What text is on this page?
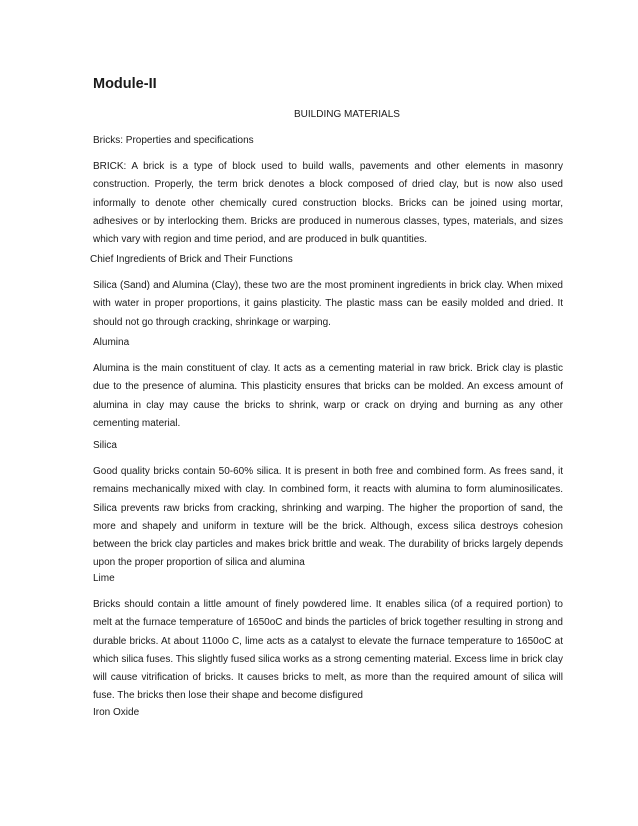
Module-II

BUILDING MATERIALS

Bricks: Properties and specifications

BRICK: A brick is a type of block used to build walls, pavements and other elements in masonry construction. Properly, the term brick denotes a block composed of dried clay, but is now also used informally to denote other chemically cured construction blocks. Bricks can be joined using mortar, adhesives or by interlocking them. Bricks are produced in numerous classes, types, materials, and sizes which vary with region and time period, and are produced in bulk quantities.

Chief Ingredients of Brick and Their Functions

Silica (Sand) and Alumina (Clay), these two are the most prominent ingredients in brick clay. When mixed with water in proper proportions, it gains plasticity. The plastic mass can be easily molded and dried. It should not go through cracking, shrinkage or warping.

Alumina

Alumina is the main constituent of clay. It acts as a cementing material in raw brick. Brick clay is plastic due to the presence of alumina. This plasticity ensures that bricks can be molded. An excess amount of alumina in clay may cause the bricks to shrink, warp or crack on drying and burning as any other cementing material.

Silica

Good quality bricks contain 50-60% silica. It is present in both free and combined form. As frees sand, it remains mechanically mixed with clay. In combined form, it reacts with alumina to form aluminosilicates. Silica prevents raw bricks from cracking, shrinking and warping. The higher the proportion of sand, the more and shapely and uniform in texture will be the brick. Although, excess silica destroys cohesion between the brick clay particles and makes brick brittle and weak. The durability of bricks largely depends upon the proper proportion of silica and alumina

Lime

Bricks should contain a little amount of finely powdered lime. It enables silica (of a required portion) to melt at the furnace temperature of 1650oC and binds the particles of brick together resulting in strong and durable bricks. At about 1100o C, lime acts as a catalyst to elevate the furnace temperature to 1650oC at which silica fuses. This slightly fused silica works as a strong cementing material. Excess lime in brick clay will cause vitrification of bricks. It causes bricks to melt, as more than the required amount of silica will fuse. The bricks then lose their shape and become disfigured

Iron Oxide
